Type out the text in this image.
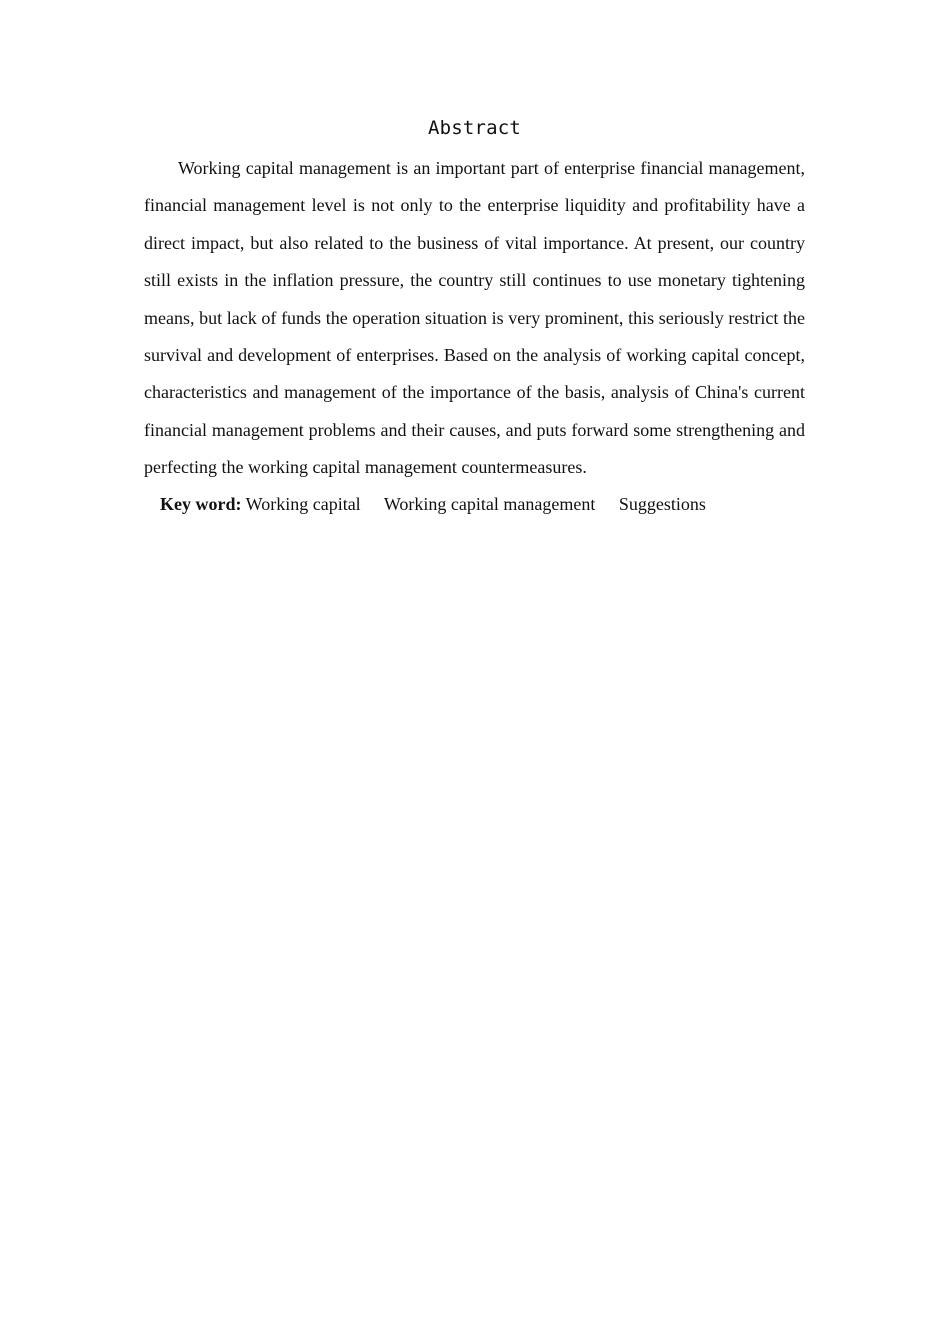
Abstract

Working capital management is an important part of enterprise financial management, financial management level is not only to the enterprise liquidity and profitability have a direct impact, but also related to the business of vital importance. At present, our country still exists in the inflation pressure, the country still continues to use monetary tightening means, but lack of funds the operation situation is very prominent, this seriously restrict the survival and development of enterprises. Based on the analysis of working capital concept, characteristics and management of the importance of the basis, analysis of China's current financial management problems and their causes, and puts forward some strengthening and perfecting the working capital management countermeasures.

Key word: Working capital Working capital management Suggestions
